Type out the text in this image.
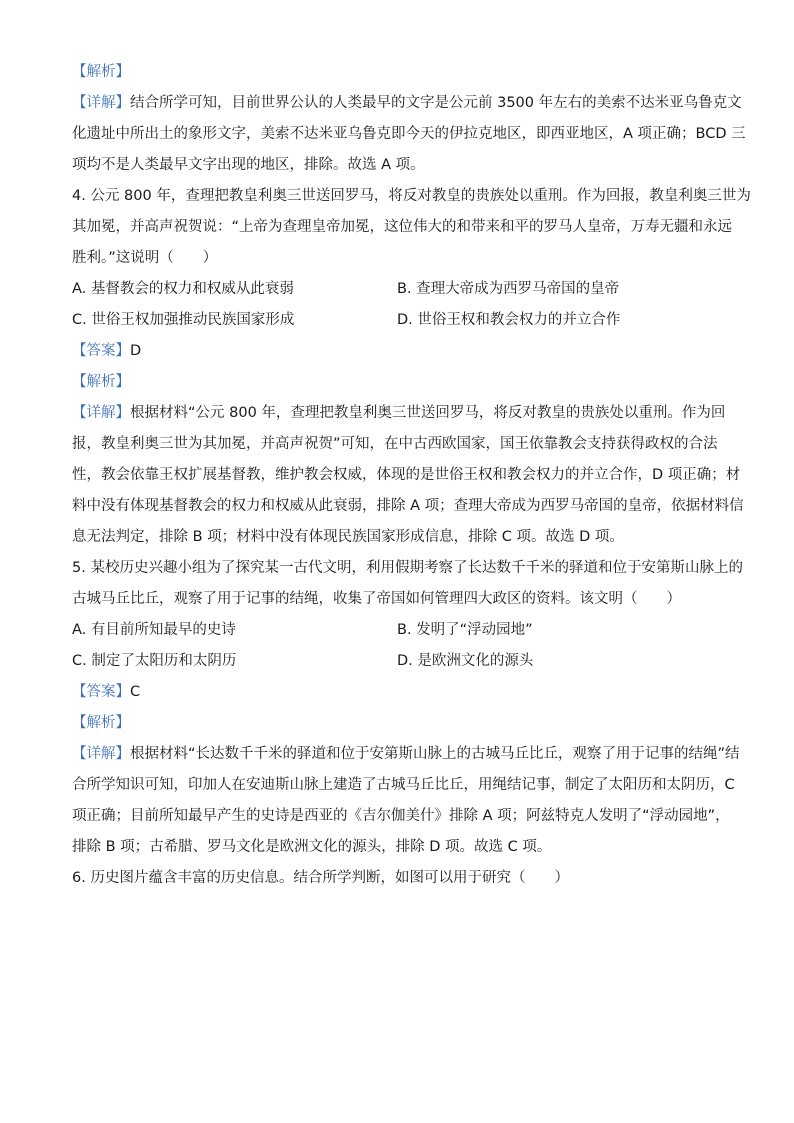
【解析】
【详解】结合所学可知，目前世界公认的人类最早的文字是公元前 3500 年左右的美索不达米亚乌鲁克文
化遗址中所出土的象形文字，美索不达米亚乌鲁克即今天的伊拉克地区，即西亚地区，A 项正确；BCD 三
项均不是人类最早文字出现的地区，排除。故选 A 项。
4. 公元 800 年，查理把教皇利奥三世送回罗马，将反对教皇的贵族处以重刑。作为回报，教皇利奥三世为
其加冕，并高声祝贺说：“上帝为查理皇帝加冕，这位伟大的和带来和平的罗马人皇帝，万寿无疆和永远
胜利。”这说明（　　）
A. 基督教会的权力和权威从此衰弱	B. 查理大帝成为西罗马帝国的皇帝
C. 世俗王权加强推动民族国家形成	D. 世俗王权和教会权力的并立合作
【答案】D
【解析】
【详解】根据材料“公元 800 年，查理把教皇利奥三世送回罗马，将反对教皇的贵族处以重刑。作为回
报，教皇利奥三世为其加冕，并高声祝贺”可知，在中古西欧国家，国王依靠教会支持获得政权的合法
性，教会依靠王权扩展基督教，维护教会权威，体现的是世俗王权和教会权力的并立合作，D 项正确；材
料中没有体现基督教会的权力和权威从此衰弱，排除 A 项；查理大帝成为西罗马帝国的皇帝，依据材料信
息无法判定，排除 B 项；材料中没有体现民族国家形成信息，排除 C 项。故选 D 项。
5. 某校历史兴趣小组为了探究某一古代文明，利用假期考察了长达数千千米的驿道和位于安第斯山脉上的
古城马丘比丘，观察了用于记事的结绳，收集了帝国如何管理四大政区的资料。该文明（　　）
A. 有目前所知最早的史诗	B. 发明了“浮动园地”
C. 制定了太阳历和太阴历	D. 是欧洲文化的源头
【答案】C
【解析】
【详解】根据材料“长达数千千米的驿道和位于安第斯山脉上的古城马丘比丘，观察了用于记事的结绳”结
合所学知识可知，印加人在安迪斯山脉上建造了古城马丘比丘，用绳结记事，制定了太阳历和太阴历，C
项正确；目前所知最早产生的史诗是西亚的《吉尔伽美什》排除 A 项；阿兹特克人发明了“浮动园地”，
排除 B 项；古希腊、罗马文化是欧洲文化的源头，排除 D 项。故选 C 项。
6. 历史图片蕴含丰富的历史信息。结合所学判断，如图可以用于研究（　　）
